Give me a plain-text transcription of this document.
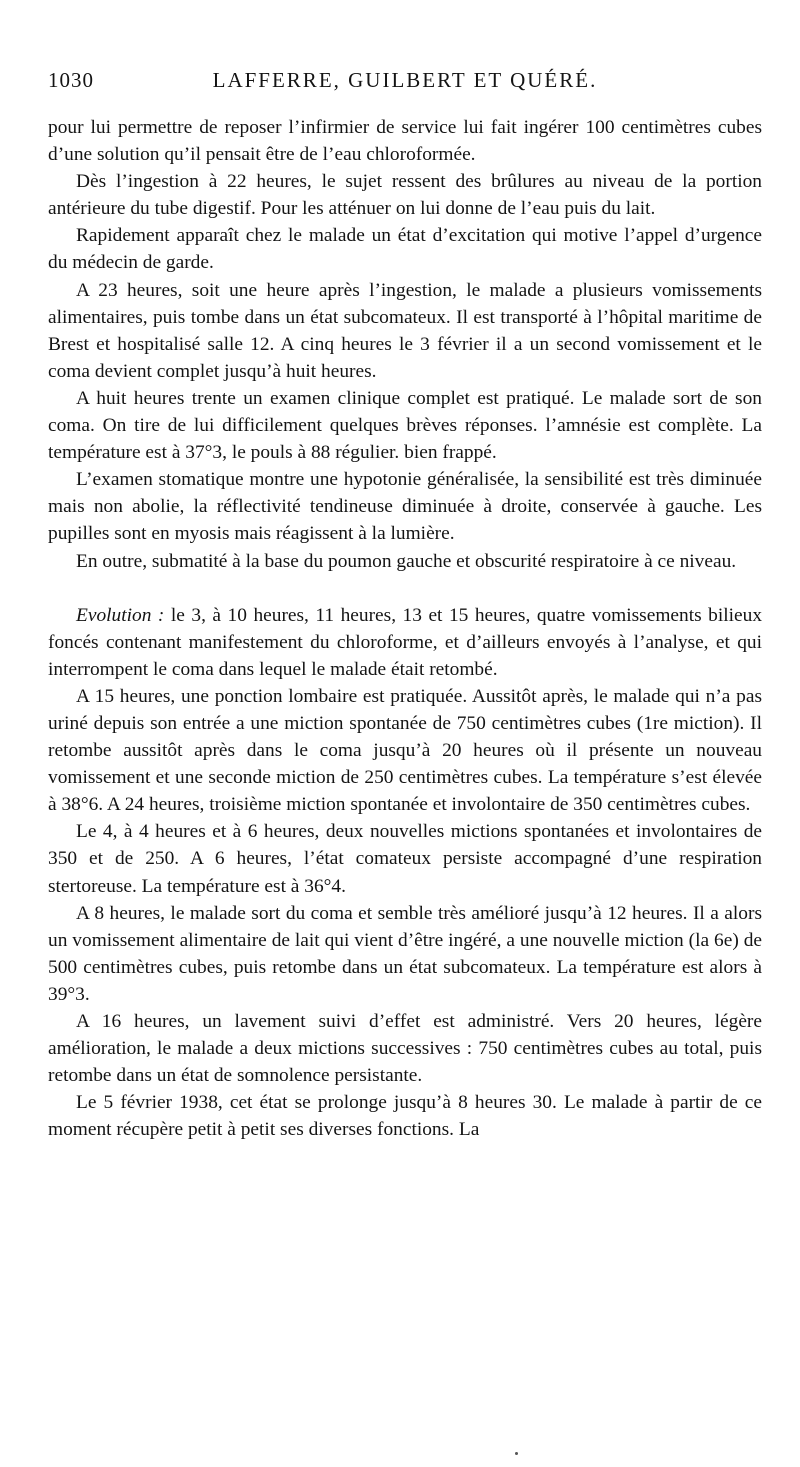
1030	LAFFERRE, GUILBERT ET QUÉRÉ.

pour lui permettre de reposer l’infirmier de service lui fait ingérer 100 centimètres cubes d’une solution qu’il pensait être de l’eau chloroformée.

Dès l’ingestion à 22 heures, le sujet ressent des brûlures au niveau de la portion antérieure du tube digestif. Pour les atténuer on lui donne de l’eau puis du lait.

Rapidement apparaît chez le malade un état d’excitation qui motive l’appel d’urgence du médecin de garde.

A 23 heures, soit une heure après l’ingestion, le malade a plusieurs vomissements alimentaires, puis tombe dans un état subcomateux. Il est transporté à l’hôpital maritime de Brest et hospitalisé salle 12. A cinq heures le 3 février il a un second vomissement et le coma devient complet jusqu’à huit heures.

A huit heures trente un examen clinique complet est pratiqué. Le malade sort de son coma. On tire de lui difficilement quelques brèves réponses. l’amnésie est complète. La température est à 37°3, le pouls à 88 régulier. bien frappé.

L’examen stomatique montre une hypotonie généralisée, la sensibilité est très diminuée mais non abolie, la réflectivité tendineuse diminuée à droite, conservée à gauche. Les pupilles sont en myosis mais réagissent à la lumière.

En outre, submatité à la base du poumon gauche et obscurité respiratoire à ce niveau.

Evolution : le 3, à 10 heures, 11 heures, 13 et 15 heures, quatre vomissements bilieux foncés contenant manifestement du chloroforme, et d’ailleurs envoyés à l’analyse, et qui interrompent le coma dans lequel le malade était retombé.

A 15 heures, une ponction lombaire est pratiquée. Aussitôt après, le malade qui n’a pas uriné depuis son entrée a une miction spontanée de 750 centimètres cubes (1re miction). Il retombe aussitôt après dans le coma jusqu’à 20 heures où il présente un nouveau vomissement et une seconde miction de 250 centimètres cubes. La température s’est élevée à 38°6. A 24 heures, troisième miction spontanée et involontaire de 350 centimètres cubes.

Le 4, à 4 heures et à 6 heures, deux nouvelles mictions spontanées et involontaires de 350 et de 250. A 6 heures, l’état comateux persiste accompagné d’une respiration stertoreuse. La température est à 36°4.

A 8 heures, le malade sort du coma et semble très amélioré jusqu’à 12 heures. Il a alors un vomissement alimentaire de lait qui vient d’être ingéré, a une nouvelle miction (la 6e) de 500 centimètres cubes, puis retombe dans un état subcomateux. La température est alors à 39°3.

A 16 heures, un lavement suivi d’effet est administré. Vers 20 heures, légère amélioration, le malade a deux mictions successives : 750 centimètres cubes au total, puis retombe dans un état de somnolence persistante.

Le 5 février 1938, cet état se prolonge jusqu’à 8 heures 30. Le malade à partir de ce moment récupère petit à petit ses diverses fonctions. La
